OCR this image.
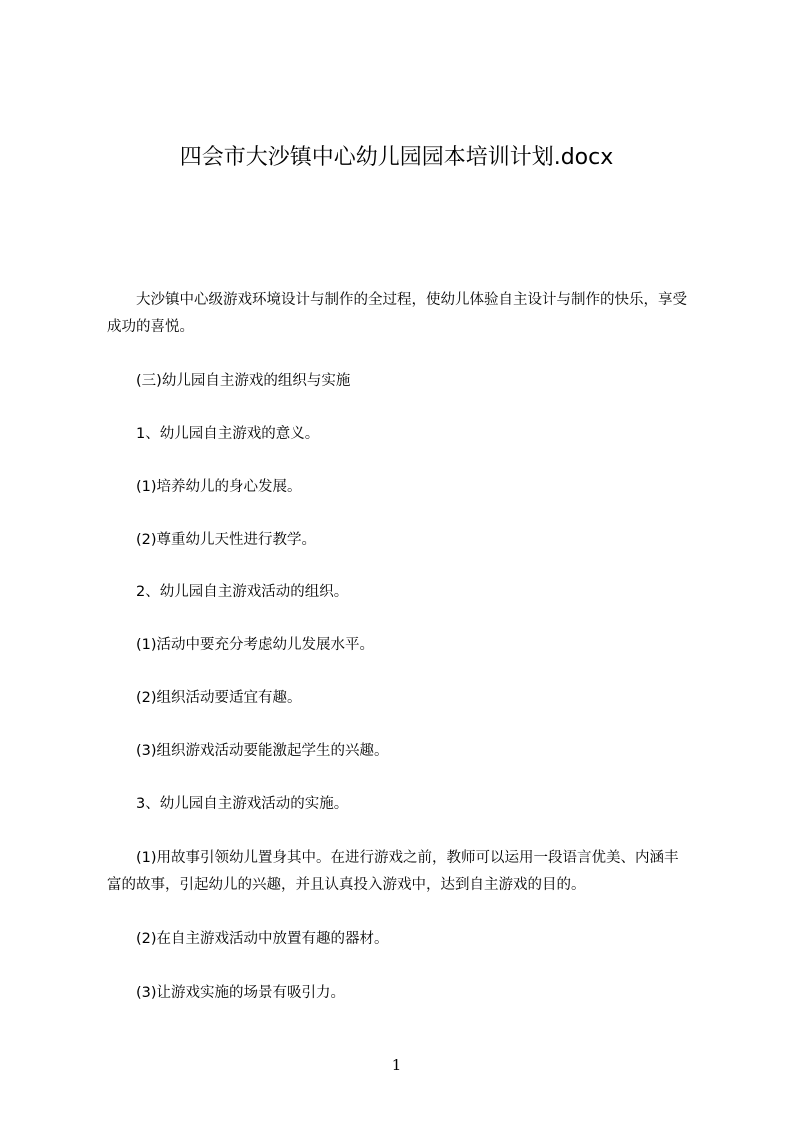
四会市大沙镇中心幼儿园园本培训计划.docx

大沙镇中心级游戏环境设计与制作的全过程，使幼儿体验自主设计与制作的快乐，享受成功的喜悦。

(三)幼儿园自主游戏的组织与实施

1、幼儿园自主游戏的意义。

(1)培养幼儿的身心发展。

(2)尊重幼儿天性进行教学。

2、幼儿园自主游戏活动的组织。

(1)活动中要充分考虑幼儿发展水平。

(2)组织活动要适宜有趣。

(3)组织游戏活动要能激起学生的兴趣。

3、幼儿园自主游戏活动的实施。

(1)用故事引领幼儿置身其中。在进行游戏之前，教师可以运用一段语言优美、内涵丰富的故事，引起幼儿的兴趣，并且认真投入游戏中，达到自主游戏的目的。

(2)在自主游戏活动中放置有趣的器材。

(3)让游戏实施的场景有吸引力。

1
